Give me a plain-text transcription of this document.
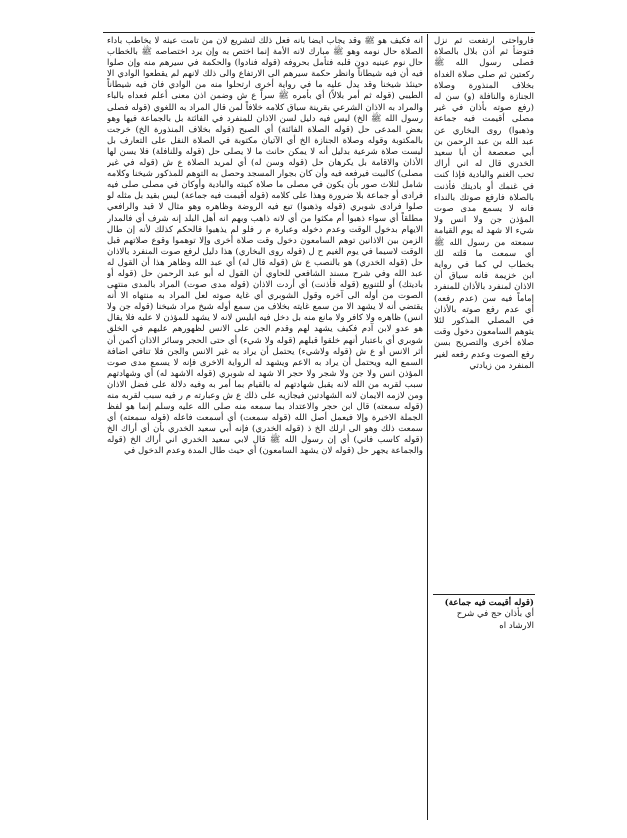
أنه فكيف هو ﷺ وقد يجاب أيضاً بأنه فعل ذلك لتشريع لان من تأمت عينه لا يخاطب بأداء الصلاة حال نومه وهو ﷺ مبارك لانه الأمة إنما اختص به وإن يرد اختصاصه ﷺ بالخطاب حال نوم عينيه دون قلبه فتأمل بحروفه (قوله فنادوا) والحكمة في سيرهم منه وإن صلوا فيه أن فيه شيطاناً وانظر حكمة سيرهم الى الارتفاع والى ذلك لانهم لم يقطعوا الوادي الا حينئذ شيخنا وقد يدل عليه ما في رواية أخرى ارتحلوا منه من الوادي فان فيه شيطاناً الطيبي (قوله ثم أمر بلالاً) أي بأمره ﷺ سراً ع ش وضمن اذن معنى أعلم فعداه بالباء والمراد به الاذان الشرعي بقرينة سياق كلامه خلافاً لمن قال المراد به اللغوي (قوله فصلى رسول الله ﷺ الخ) ليس فيه دليل لسن الاذان للمنفرد في الفائتة بل بالجماعة فيها وهو بعض المدعى حل (قوله الصلاة الفائتة) أي الصبح (قوله بخلاف المنذورة الخ) خرجت بالمكتوبة وقوله وصلاة الجنازة الخ أي الآتيان مكتوبة في الصلاة النفل على التعارف بل ليست صلاة شرعية بدليل أنه لا يمكن حانث ما لا يصلى حل (قوله وللنافلة) فلا يسن لها الأذان والاقامة بل يكرهان حل (قوله وسن له) أي لمريد الصلاة ع ش (قوله في غير مصلى) كالبيت فيرفعه فيه وأن كان بجوار المسجد وحصل به التوهم للمذكور شيخنا وكلامه شامل لثلاث صور بأن يكون في مصلى ما صلاة كبيته والبادية وأوكان في مصلى صلى فيه فرادى أو جماعة بلا ضرورة وهذا على كلامه (قوله أقيمت فيه جماعة) ليس بقيد بل مثله لو صلوا فرادى شوبري (قوله وذهبوا) تبع فيه الروضة وظاهره وهو مثال لا قيد والرافعي مطلقاً أي سواء ذهبوا أم مكثوا من أي لانه ذاهب وبهم انه أهل البلد إنه شرف أي فالمدار الايهام بدخول الوقت وعدم دخوله وعبارة م ر فلو لم يذهبوا فالحكم كذلك لأنه إن طال الزمن بين الاذانين توهم السامعون دخول وقت صلاة أخرى وإلا توهموا وقوع صلاتهم قبل الوقت لاسيما في يوم الغيم ح ل (قوله روى البخاري) هذا دليل لرفع صوت المنفرد بالاذان حل (قوله الخدري) هو بالنصب ع ش (قوله قال له) أي عبد الله وظاهر هذا أن القول له عبد الله وفي شرح مسند الشافعي للحاوي أن القول له أبو عبد الرحمن حل (قوله أو باديتك) أو للتنويع (قوله فأذنت) أي أردت الاذان (قوله مدى صوت) المراد بالمدى منتهى الصوت من أوله الى آخره وقول الشوبري أي غاية صوته لعل المراد به منتهاه الا أنه يقتضي أنه لا يشهد الا من سمع غايته بخلاف من سمع أوله شيخ مراد شيخنا (قوله جن ولا انس) ظاهره ولا كافر ولا مانع منه بل دخل فيه ابليس لانه لا يشهد للمؤذن لا عليه فلا يقال هو عدو لابن آدم فكيف يشهد لهم وقدم الجن على الانس لظهورهم عليهم في الخلق شوبري أي باعتبار أنهم خلقوا قبلهم (قوله ولا شيء) أي حتى الحجر وسائر الاذان أكمن أن أثر الانس أو ع ش (قوله ولاشيء) يحتمل أن يراد به غير الانس والجن فلا تنافي اضافة السمع اليه ويحتمل أن يراد به الاعم ويشهد له الرواية الاخرى فإنه لا يسمع مدى صوت المؤذن انس ولا جن ولا شجر ولا حجر الا شهد له شوبري (قوله الاشهد له) أي وشهادتهم سبب لقربه من الله لانه يقبل شهادتهم له بالقيام بما أمر به وفيه دلالة على فضل الاذان ومن لازمه الايمان لانه الشهادتين فيجازيه على ذلك ع ش وعبارته م ر فيه سبب لقربه منه (قوله سمعته) قال ابن حجر والاعتداد بما سمعه منه صلى الله عليه وسلم إنما هو لفظ الجملة الاخيرة وإلا فيعمل أصل الله (قوله سمعت) أي أسمعت فاعله (قوله سمعته) أي سمعت ذلك وهو الى ارلك الخ ذ (قوله الخدري) فإنه أبي سعيد الخدري بأن أي أراك الخ (قوله كاسب فاني) أي إن رسول الله ﷺ قال لابي سعيد الخدري اني أراك الخ (قوله والجماعة يجهر حل (قوله لان يشهد السامعون) أي حيث طال المدة وعدم الدخول في

فارواحتى ارتفعت ثم نزل فتوضأ ثم أذن بلال بالصلاة فصلى رسول الله ﷺ ركعتين ثم صلى صلاة الغداة بخلاف المنذورة وصلاة الجنازة والنافلة (و) سن له (رفع صوته بأذان في غير مصلى أقيمت فيه جماعة وذهبوا) روى البخاري عن عبد الله بن عبد الرحمن بن أبي صعصعة أن أبا سعيد الخدري قال له اني أراك تحب الغنم والبادية فإذا كنت في غنمك أو باديتك فأذنت بالصلاة فارفع صوتك بالنداء فانه لا يسمع مدى صوت المؤذن جن ولا انس ولا شيء الا شهد له يوم القيامة سمعته من رسول الله ﷺ أي سمعت ما قلته لك بخطاب لي كما في رواية ابن خزيمة فانه سياق أن الاذان لمنفرد بالأذان للمنفرد إماماً فيه سن (عدم رفعه) أي عدم رفع صوته بالأذان في المصلي المذكور لئلا يتوهم السامعون دخول وقت صلاة أخرى والتصريح بسن رفع الصوت وعدم رفعه لغير المنفرد من زيادتي

(قوله أقيمت فيه جماعة) أي بأذان حج في شرح الارشاد اه
